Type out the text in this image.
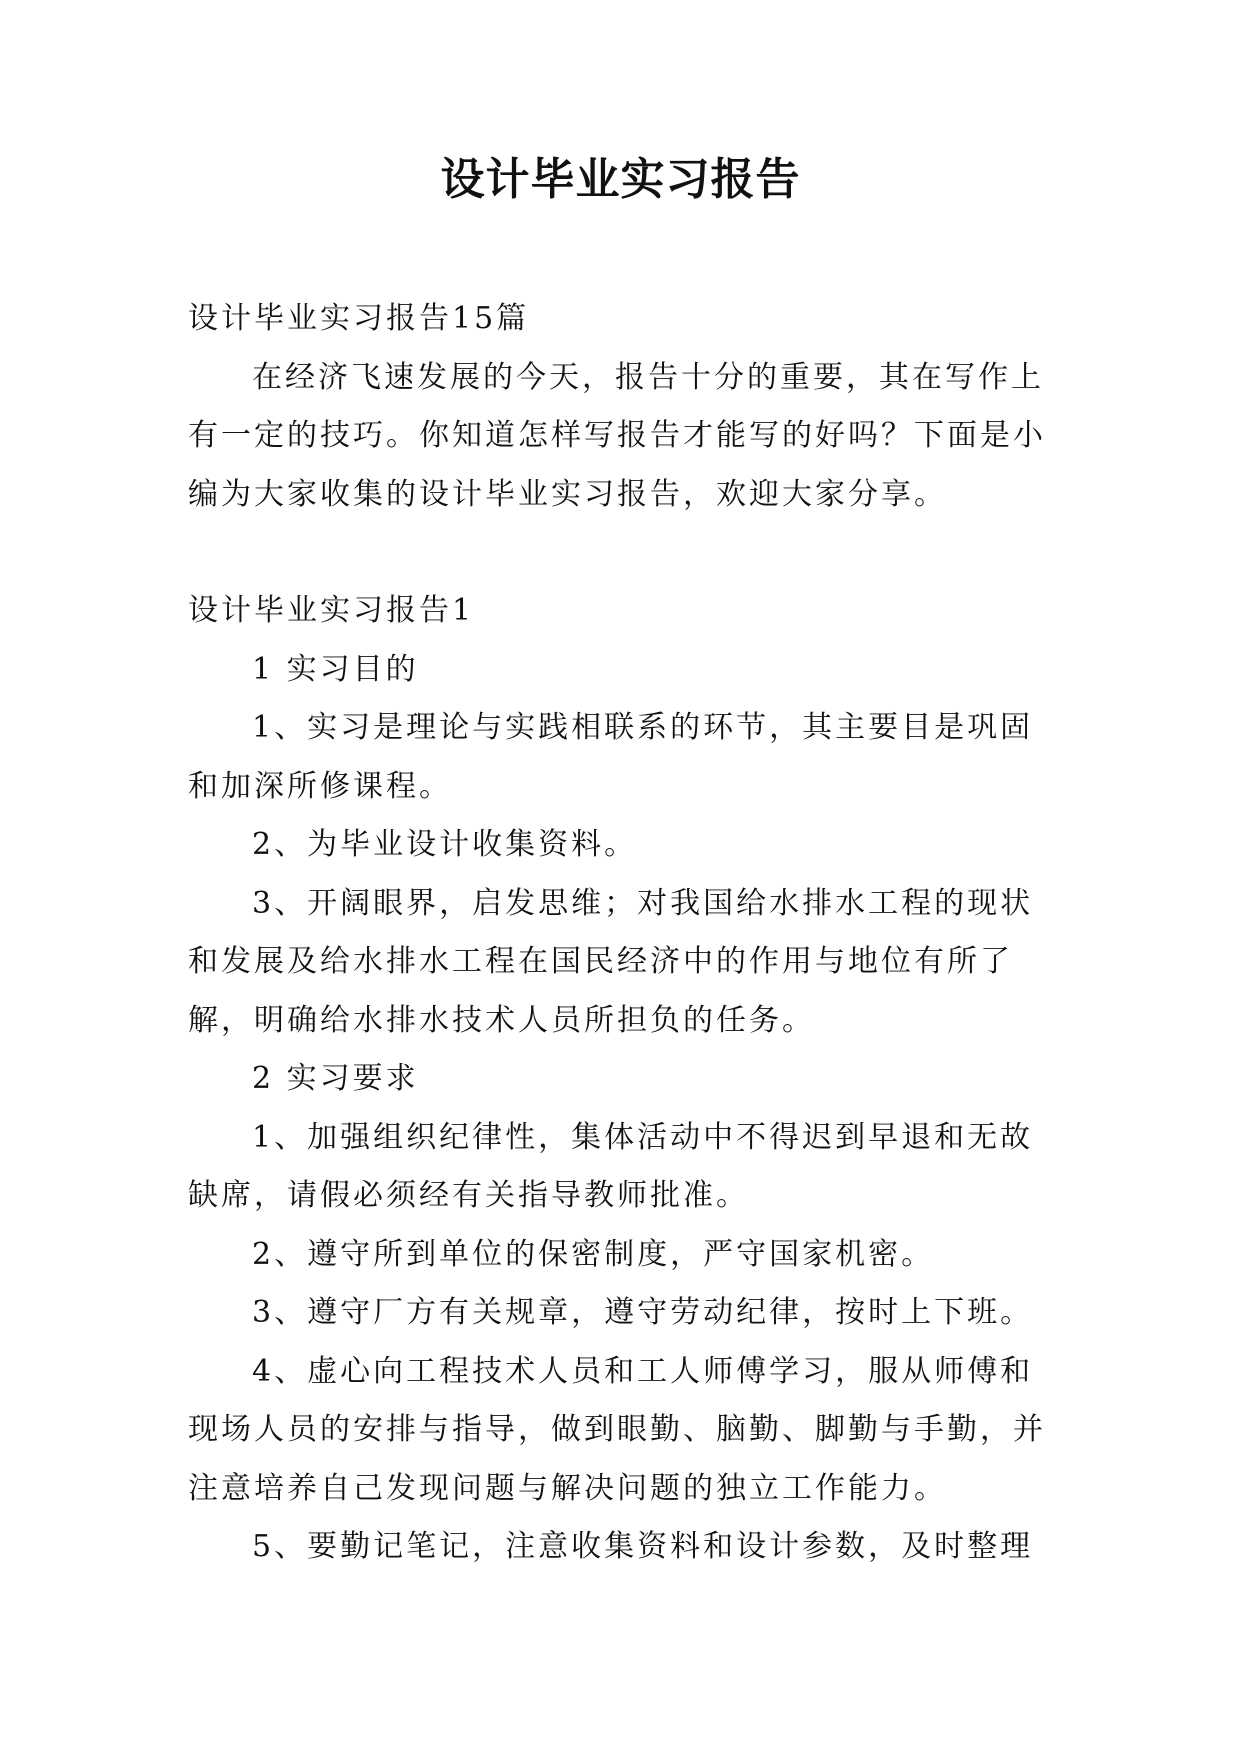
设计毕业实习报告

设计毕业实习报告15篇

在经济飞速发展的今天，报告十分的重要，其在写作上有一定的技巧。你知道怎样写报告才能写的好吗？下面是小编为大家收集的设计毕业实习报告，欢迎大家分享。

设计毕业实习报告1

1 实习目的

1、实习是理论与实践相联系的环节，其主要目是巩固和加深所修课程。

2、为毕业设计收集资料。

3、开阔眼界，启发思维；对我国给水排水工程的现状和发展及给水排水工程在国民经济中的作用与地位有所了解，明确给水排水技术人员所担负的任务。

2 实习要求

1、加强组织纪律性，集体活动中不得迟到早退和无故缺席，请假必须经有关指导教师批准。

2、遵守所到单位的保密制度，严守国家机密。

3、遵守厂方有关规章，遵守劳动纪律，按时上下班。

4、虚心向工程技术人员和工人师傅学习，服从师傅和现场人员的安排与指导，做到眼勤、脑勤、脚勤与手勤，并注意培养自己发现问题与解决问题的独立工作能力。

5、要勤记笔记，注意收集资料和设计参数，及时整理
